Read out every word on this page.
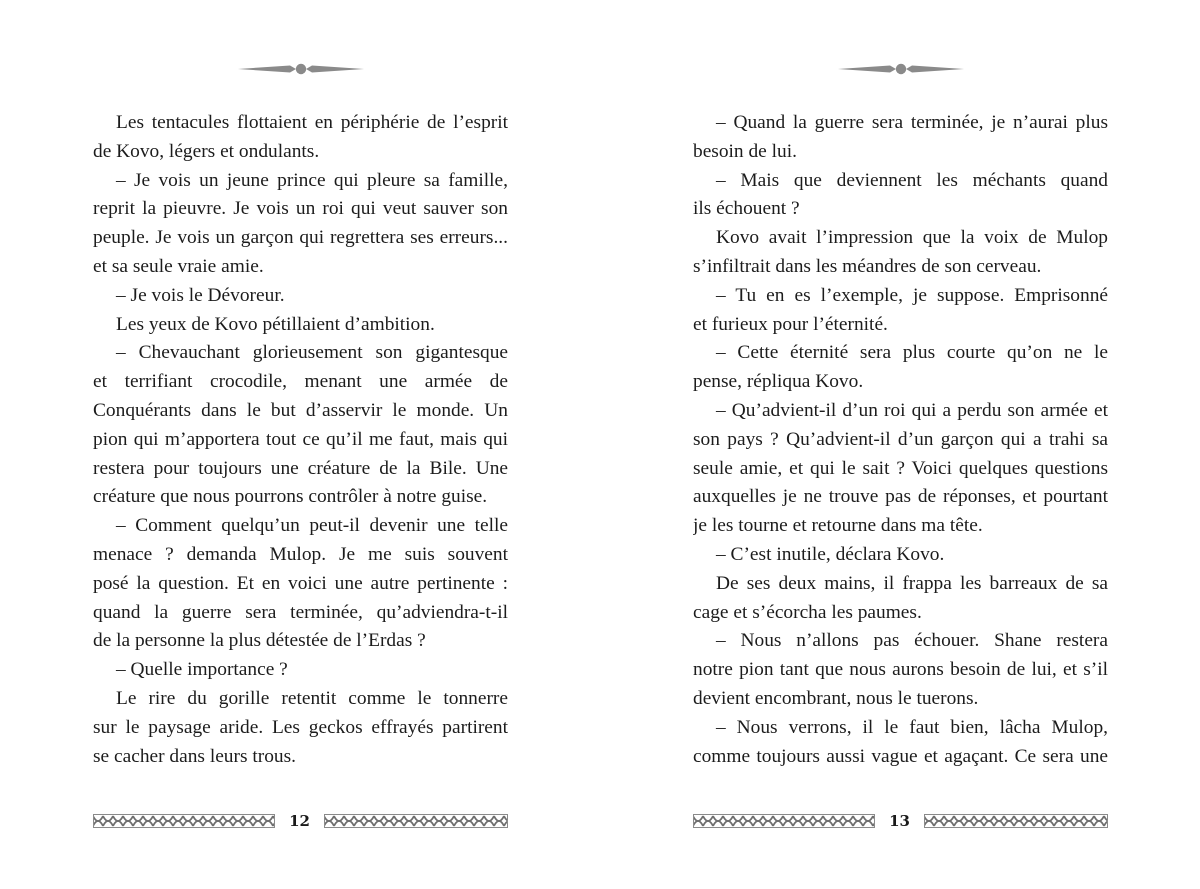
Les tentacules flottaient en périphérie de l’esprit

de Kovo, légers et ondulants.

– Je vois un jeune prince qui pleure sa famille,

reprit la pieuvre. Je vois un roi qui veut sauver son

peuple. Je vois un garçon qui regrettera ses erreurs...

et sa seule vraie amie.

– Je vois le Dévoreur.

Les yeux de Kovo pétillaient d’ambition.

– Chevauchant glorieusement son gigantesque

et terrifiant crocodile, menant une armée de

Conquérants dans le but d’asservir le monde. Un

pion qui m’apportera tout ce qu’il me faut, mais qui

restera pour toujours une créature de la Bile. Une

créature que nous pourrons contrôler à notre guise.

– Comment quelqu’un peut-il devenir une telle

menace ? demanda Mulop. Je me suis souvent

posé la question. Et en voici une autre pertinente :

quand la guerre sera terminée, qu’adviendra-t-il

de la personne la plus détestée de l’Erdas ?

– Quelle importance ?

Le rire du gorille retentit comme le tonnerre

sur le paysage aride. Les geckos effrayés partirent

se cacher dans leurs trous.

12

– Quand la guerre sera terminée, je n’aurai plus

besoin de lui.

– Mais que deviennent les méchants quand

ils échouent ?

Kovo avait l’impression que la voix de Mulop

s’infiltrait dans les méandres de son cerveau.

– Tu en es l’exemple, je suppose. Emprisonné

et furieux pour l’éternité.

– Cette éternité sera plus courte qu’on ne le

pense, répliqua Kovo.

– Qu’advient-il d’un roi qui a perdu son armée et

son pays ? Qu’advient-il d’un garçon qui a trahi sa

seule amie, et qui le sait ? Voici quelques questions

auxquelles je ne trouve pas de réponses, et pourtant

je les tourne et retourne dans ma tête.

– C’est inutile, déclara Kovo.

De ses deux mains, il frappa les barreaux de sa

cage et s’écorcha les paumes.

– Nous n’allons pas échouer. Shane restera

notre pion tant que nous aurons besoin de lui, et s’il

devient encombrant, nous le tuerons.

– Nous verrons, il le faut bien, lâcha Mulop,

comme toujours aussi vague et agaçant. Ce sera une

13
